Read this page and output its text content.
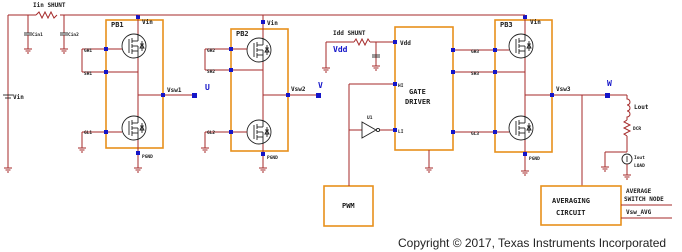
Iin SHUNT
Cin1	Cin2
Vin
PB1	Vin
GH1
SH1
GL1
Vsw1
PGND
U
PB2
Vin
GH2
SH2
GL2
Vsw2
PGND
V
Idd SHUNT
Vdd
Vdd
HI
LI
GATE
DRIVER
PWM
U1
PB3	Vin
GH3
SH3
GL3
Vsw3
PGND
W
Lout
DCR
Iout
LOAD
AVERAGING
CIRCUIT
AVERAGE
SWITCH NODE
Vsw_AVG
Copyright © 2017, Texas Instruments Incorporated
